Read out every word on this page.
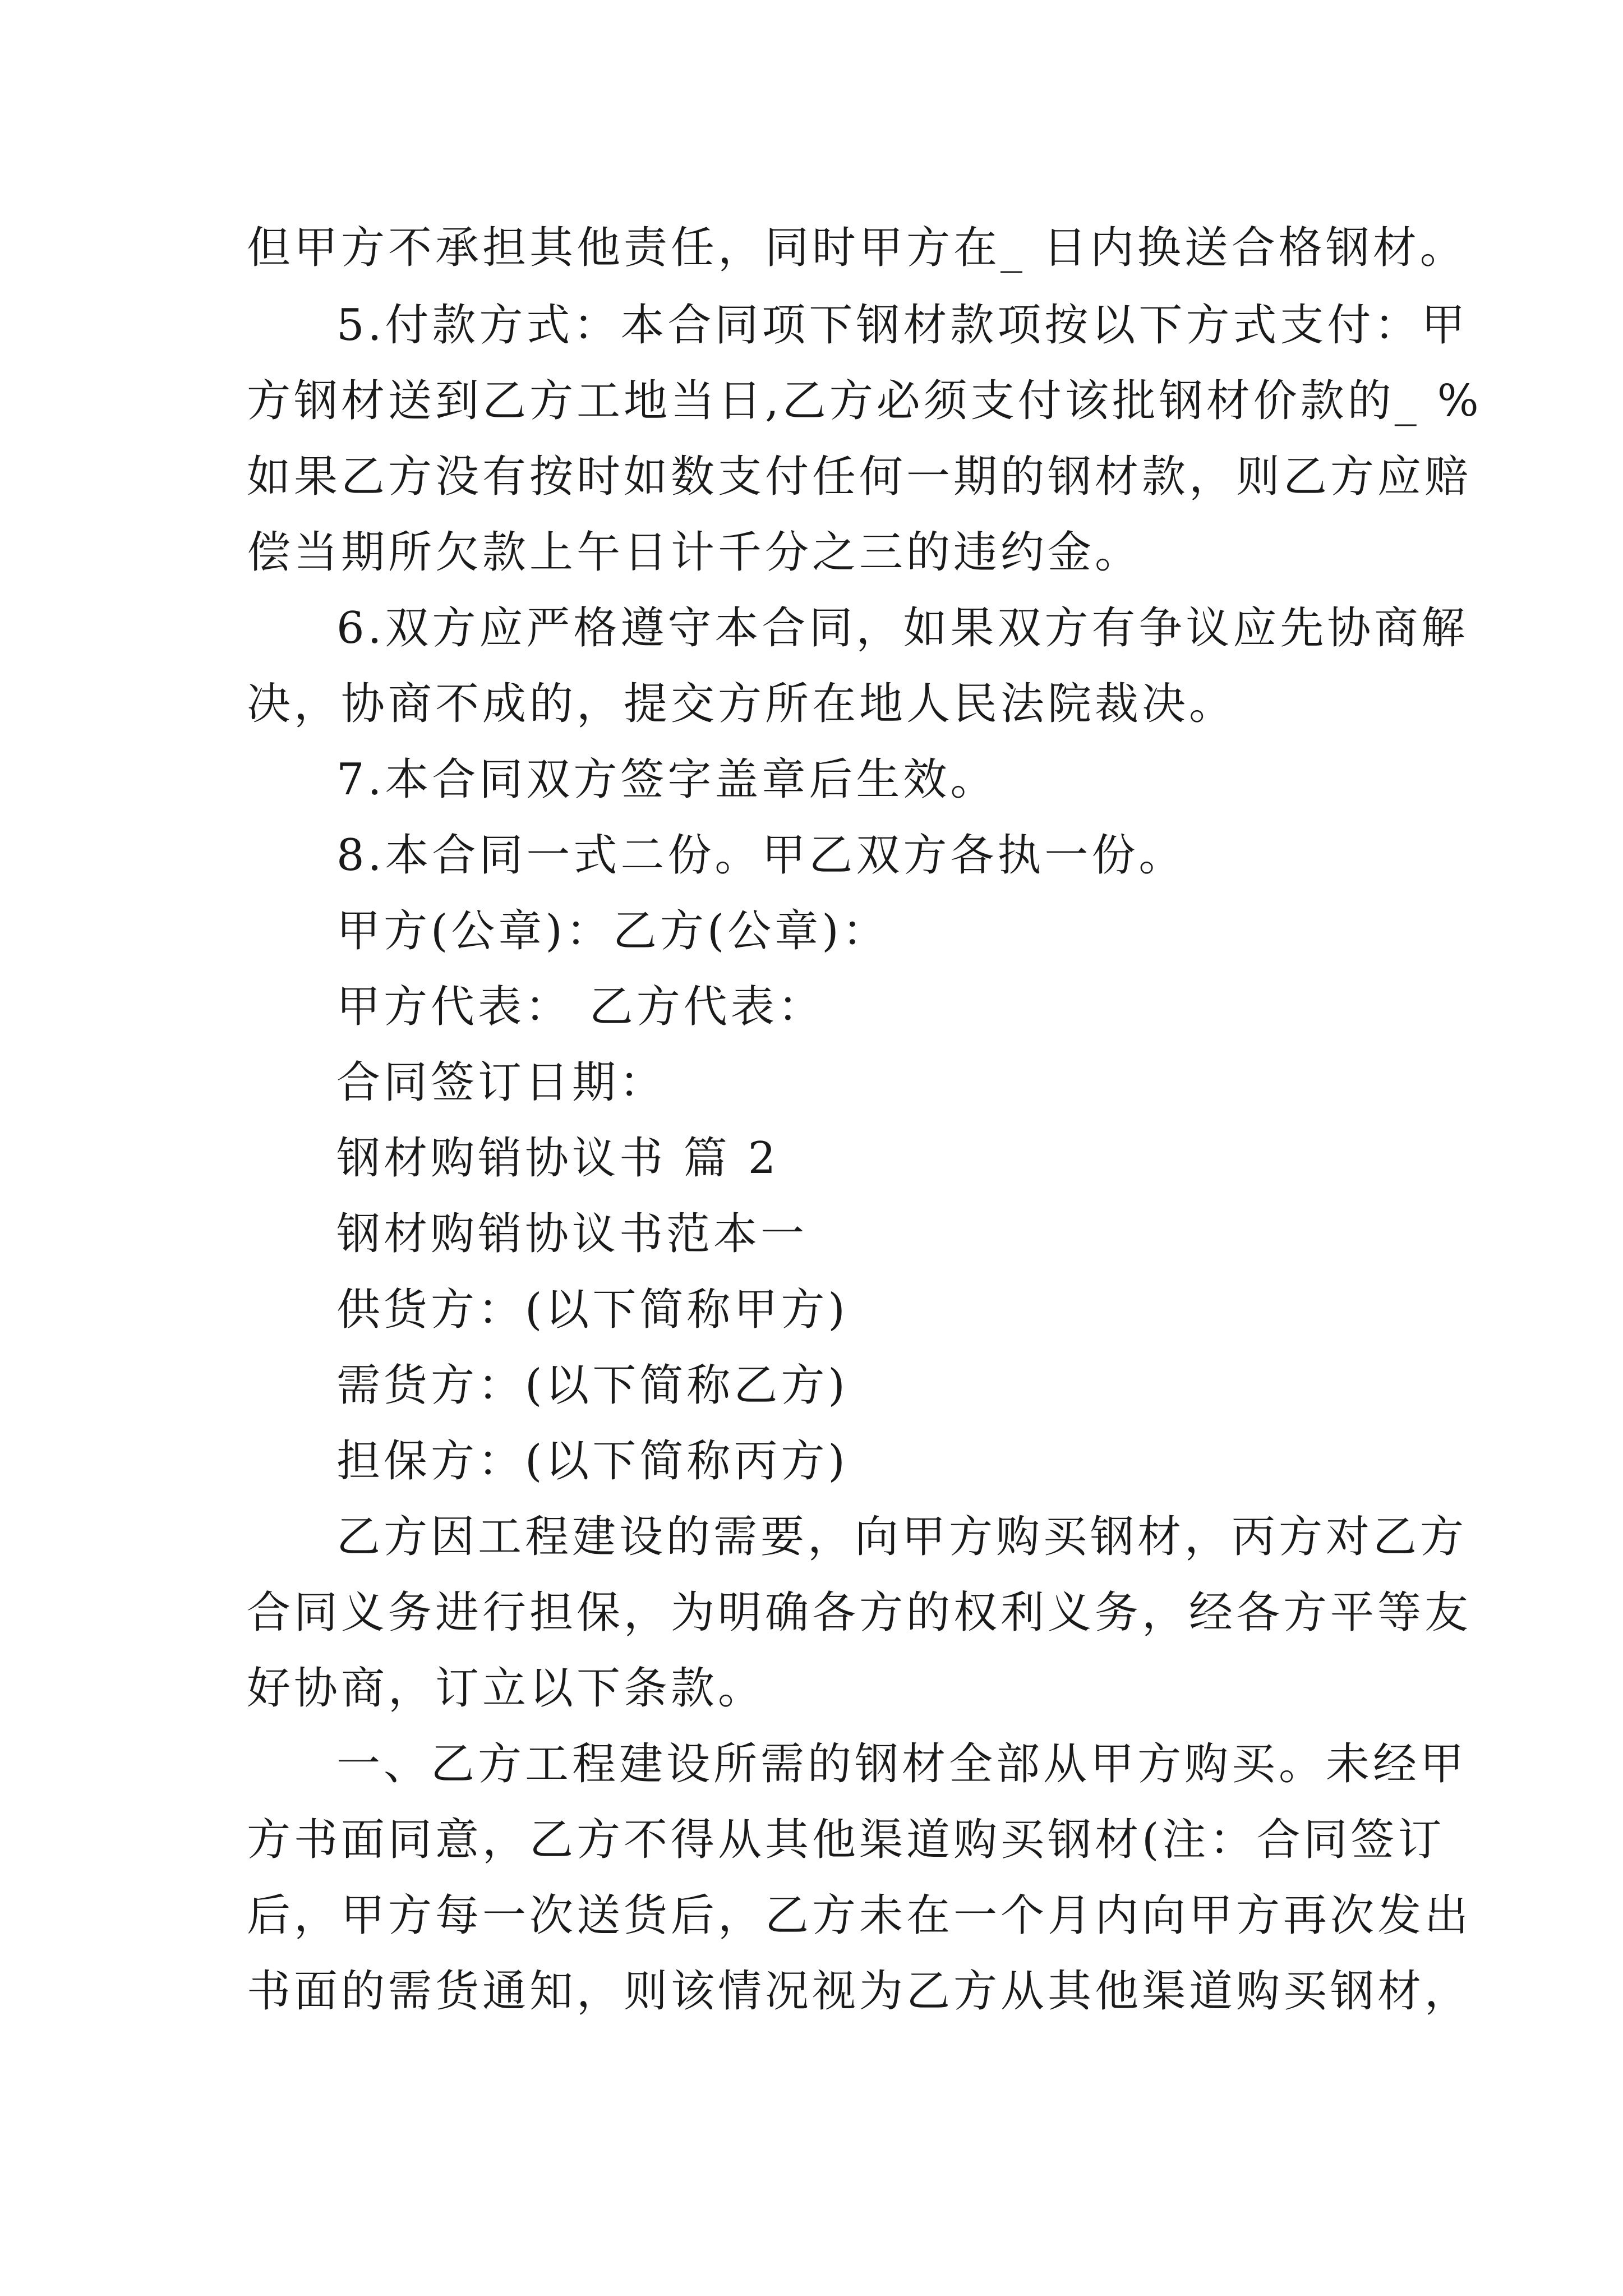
但甲方不承担其他责任，同时甲方在_ 日内换送合格钢材。

5.付款方式：本合同项下钢材款项按以下方式支付：甲

方钢材送到乙方工地当日,乙方必须支付该批钢材价款的_ %

如果乙方没有按时如数支付任何一期的钢材款，则乙方应赔

偿当期所欠款上午日计千分之三的违约金。

6.双方应严格遵守本合同，如果双方有争议应先协商解

决，协商不成的，提交方所在地人民法院裁决。

7.本合同双方签字盖章后生效。

8.本合同一式二份。甲乙双方各执一份。

甲方(公章)：乙方(公章)：

甲方代表： 乙方代表：

合同签订日期：

钢材购销协议书 篇 2

钢材购销协议书范本一

供货方：(以下简称甲方)

需货方：(以下简称乙方)

担保方：(以下简称丙方)

乙方因工程建设的需要，向甲方购买钢材，丙方对乙方

合同义务进行担保，为明确各方的权利义务，经各方平等友

好协商，订立以下条款。

一、乙方工程建设所需的钢材全部从甲方购买。未经甲

方书面同意，乙方不得从其他渠道购买钢材(注：合同签订

后，甲方每一次送货后，乙方未在一个月内向甲方再次发出

书面的需货通知，则该情况视为乙方从其他渠道购买钢材，
